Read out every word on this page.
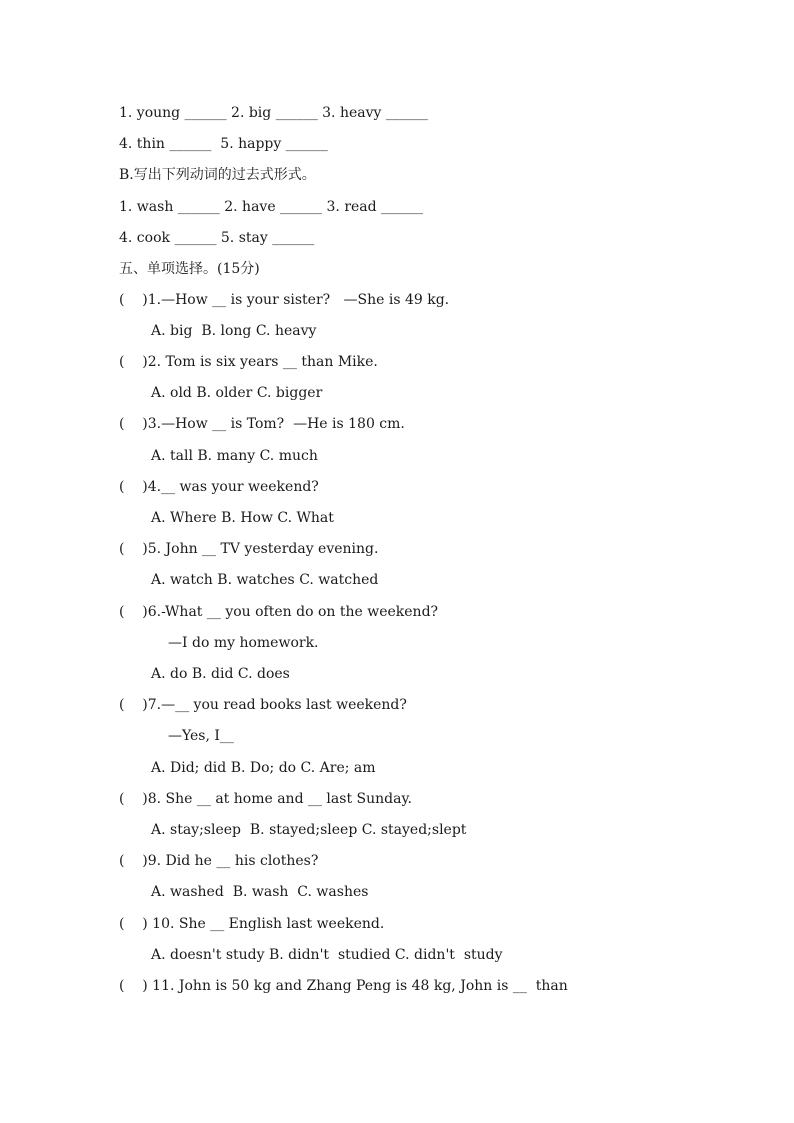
1. young ______ 2. big ______ 3. heavy ______
4. thin ______  5. happy ______
B.写出下列动词的过去式形式。
1. wash ______ 2. have ______ 3. read ______
4. cook ______ 5. stay ______
五、单项选择。(15分)
(    )1.—How __ is your sister?   —She is 49 kg.
A. big  B. long C. heavy
(    )2. Tom is six years __ than Mike.
A. old B. older C. bigger
(    )3.—How __ is Tom?  —He is 180 cm.
A. tall B. many C. much
(    )4.__ was your weekend?
A. Where B. How C. What
(    )5. John __ TV yesterday evening.
A. watch B. watches C. watched
(    )6.-What __ you often do on the weekend?
—I do my homework.
A. do B. did C. does
(    )7.—__ you read books last weekend?
—Yes, I__
A. Did; did B. Do; do C. Are; am
(    )8. She __ at home and __ last Sunday.
A. stay;sleep  B. stayed;sleep C. stayed;slept
(    )9. Did he __ his clothes?
A. washed  B. wash  C. washes
(    ) 10. She __ English last weekend.
A. doesn't study B. didn't  studied C. didn't  study
(    ) 11. John is 50 kg and Zhang Peng is 48 kg, John is __  than
